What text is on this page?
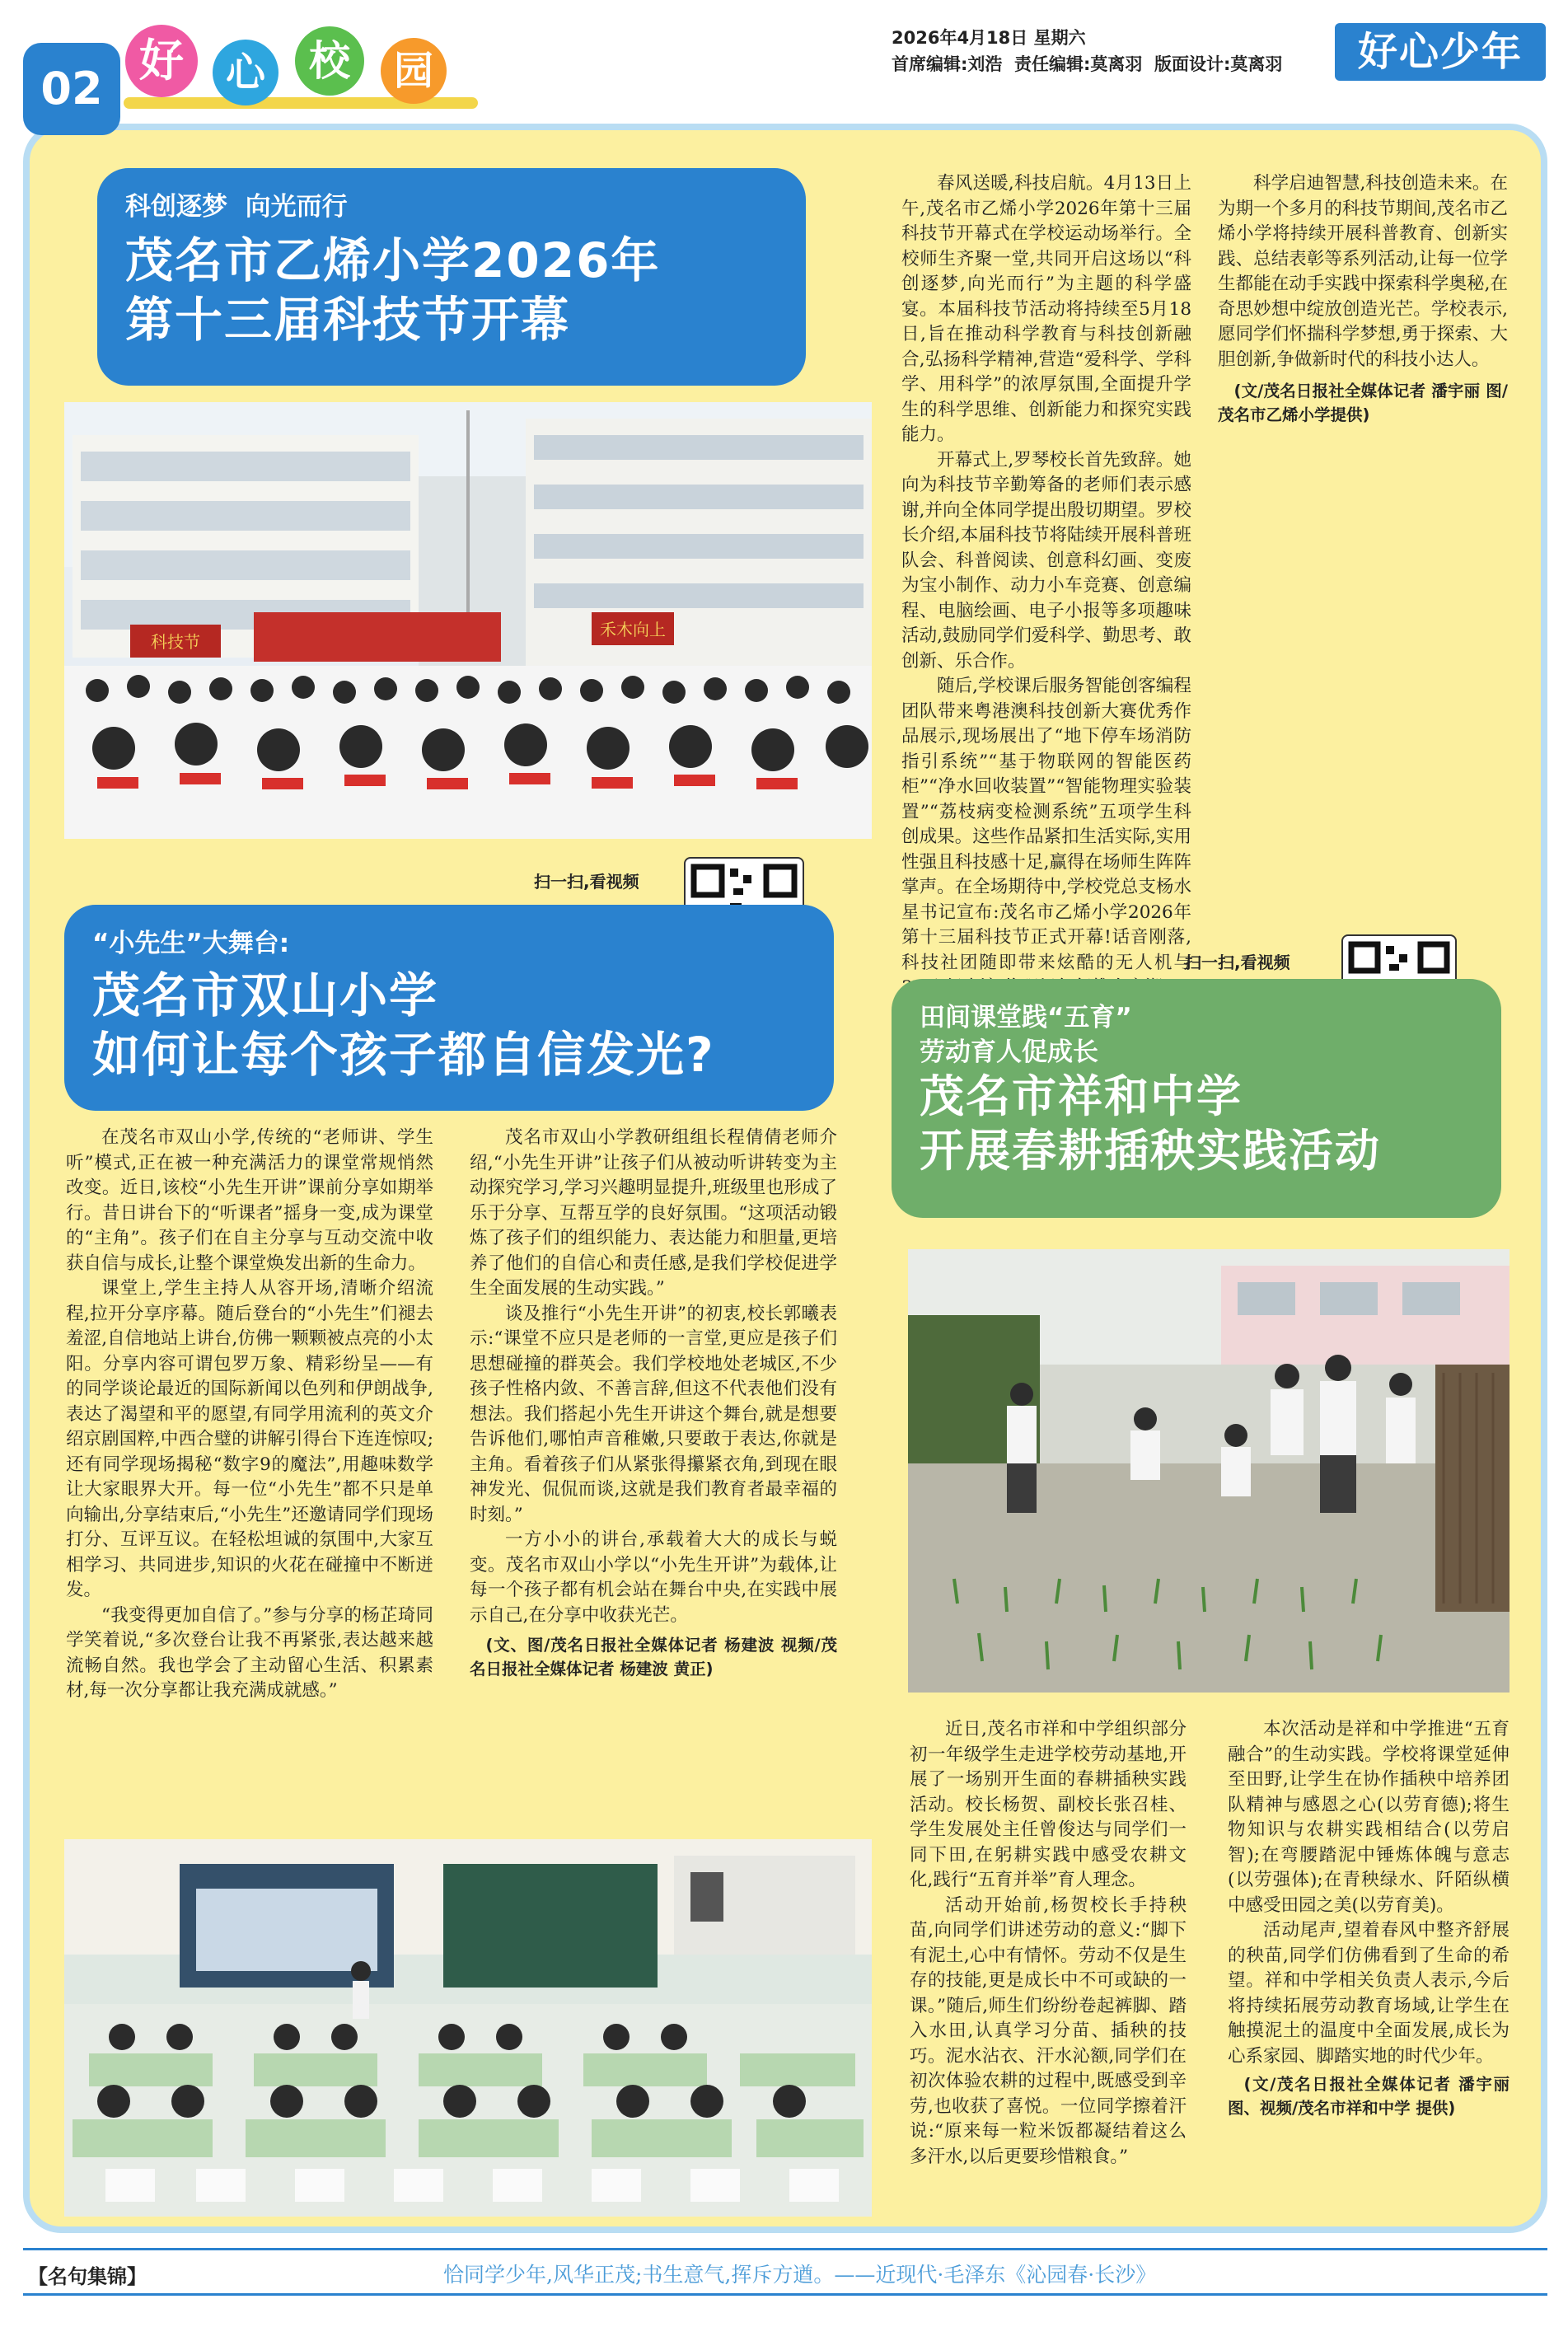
02
好	心	校	园
2026年4月18日 星期六
首席编辑:刘浩  责任编辑:莫离羽  版面设计:莫离羽	好心少年
科创逐梦  向光而行
茂名市乙烯小学2026年
第十三届科技节开幕
科技节
禾木向上

春风送暖,科技启航。4月13日上午,茂名市乙烯小学2026年第十三届科技节开幕式在学校运动场举行。全校师生齐聚一堂,共同开启这场以“科创逐梦,向光而行”为主题的科学盛宴。本届科技节活动将持续至5月18日,旨在推动科学教育与科技创新融合,弘扬科学精神,营造“爱科学、学科学、用科学”的浓厚氛围,全面提升学生的科学思维、创新能力和探究实践能力。

开幕式上,罗琴校长首先致辞。她向为科技节辛勤筹备的老师们表示感谢,并向全体同学提出殷切期望。罗校长介绍,本届科技节将陆续开展科普班队会、科普阅读、创意科幻画、变废为宝小制作、动力小车竞赛、创意编程、电脑绘画、电子小报等多项趣味活动,鼓励同学们爱科学、勤思考、敢创新、乐合作。

随后,学校课后服务智能创客编程团队带来粤港澳科技创新大赛优秀作品展示,现场展出了“地下停车场消防指引系统”“基于物联网的智能医药柜”“净水回收装置”“智能物理实验装置”“荔枝病变检测系统”五项学生科创成果。这些作品紧扣生活实际,实用性强且科技感十足,赢得在场师生阵阵掌声。在全场期待中,学校党总支杨水星书记宣布:茂名市乙烯小学2026年第十三届科技节正式开幕!话音刚落,科技社团随即带来炫酷的无人机与

科学启迪智慧,科技创造未来。在为期一个多月的科技节期间,茂名市乙烯小学将持续开展科普教育、创新实践、总结表彰等系列活动,让每一位学生都能在动手实践中探索科学奥秘,在奇思妙想中绽放创造光芒。学校表示,愿同学们怀揣科学梦想,勇于探索、大胆创新,争做新时代的科技小达人。

(文/茂名日报社全媒体记者 潘宇丽 图/茂名市乙烯小学提供)
扫一扫,看视频
“小先生”大舞台:
茂名市双山小学
如何让每个孩子都自信发光?

在茂名市双山小学,传统的“老师讲、学生听”模式,正在被一种充满活力的课堂常规悄然改变。近日,该校“小先生开讲”课前分享如期举行。昔日讲台下的“听课者”摇身一变,成为课堂的“主角”。孩子们在自主分享与互动交流中收获自信与成长,让整个课堂焕发出新的生命力。

课堂上,学生主持人从容开场,清晰介绍流程,拉开分享序幕。随后登台的“小先生”们褪去羞涩,自信地站上讲台,仿佛一颗颗被点亮的小太阳。分享内容可谓包罗万象、精彩纷呈——有的同学谈论最近的国际新闻以色列和伊朗战争,表达了渴望和平的愿望,有同学用流利的英文介绍京剧国粹,中西合璧的讲解引得台下连连惊叹;还有同学现场揭秘“数字9的魔法”,用趣味数学让大家眼界大开。每一位“小先生”都不只是单向输出,分享结束后,“小先生”还邀请同学们现场打分、互评互议。在轻松坦诚的氛围中,大家互相学习、共同进步,知识的火花在碰撞中不断迸发。

“我变得更加自信了。”参与分享的杨芷琦同学笑着说,“多次登台让我不再紧张,表达越来越流畅自然。我也学会了主动留心生活、积累素材,每一次分享都让我充满成就感。”

茂名市双山小学教研组组长程倩倩老师介绍,“小先生开讲”让孩子们从被动听讲转变为主动探究学习,学习兴趣明显提升,班级里也形成了乐于分享、互帮互学的良好氛围。“这项活动锻炼了孩子们的组织能力、表达能力和胆量,更培养了他们的自信心和责任感,是我们学校促进学生全面发展的生动实践。”

谈及推行“小先生开讲”的初衷,校长郭曦表示:“课堂不应只是老师的一言堂,更应是孩子们思想碰撞的群英会。我们学校地处老城区,不少孩子性格内敛、不善言辞,但这不代表他们没有想法。我们搭起小先生开讲这个舞台,就是想要告诉他们,哪怕声音稚嫩,只要敢于表达,你就是主角。看着孩子们从紧张得攥紧衣角,到现在眼神发光、侃侃而谈,这就是我们教育者最幸福的时刻。”

一方小小的讲台,承载着大大的成长与蜕变。茂名市双山小学以“小先生开讲”为载体,让每一个孩子都有机会站在舞台中央,在实践中展示自己,在分享中收获光芒。

(文、图/茂名日报社全媒体记者 杨建波 视频/茂名日报社全媒体记者 杨建波 黄正)
扫一扫,看视频
田间课堂践“五育”
劳动育人促成长
茂名市祥和中学
开展春耕插秧实践活动

近日,茂名市祥和中学组织部分初一年级学生走进学校劳动基地,开展了一场别开生面的春耕插秧实践活动。校长杨贺、副校长张召桂、学生发展处主任曾俊达与同学们一同下田,在躬耕实践中感受农耕文化,践行“五育并举”育人理念。

活动开始前,杨贺校长手持秧苗,向同学们讲述劳动的意义:“脚下有泥土,心中有情怀。劳动不仅是生存的技能,更是成长中不可或缺的一课。”随后,师生们纷纷卷起裤脚、踏入水田,认真学习分苗、插秧的技巧。泥水沾衣、汗水沁额,同学们在初次体验农耕的过程中,既感受到辛劳,也收获了喜悦。一位同学擦着汗说:“原来每一粒米饭都凝结着这么多汗水,以后更要珍惜粮食。”

本次活动是祥和中学推进“五育融合”的生动实践。学校将课堂延伸至田野,让学生在协作插秧中培养团队精神与感恩之心(以劳育德);将生物知识与农耕实践相结合(以劳启智);在弯腰踏泥中锤炼体魄与意志(以劳强体);在青秧绿水、阡陌纵横中感受田园之美(以劳育美)。

活动尾声,望着春风中整齐舒展的秧苗,同学们仿佛看到了生命的希望。祥和中学相关负责人表示,今后将持续拓展劳动教育场域,让学生在触摸泥土的温度中全面发展,成长为心系家园、脚踏实地的时代少年。

(文/茂名日报社全媒体记者 潘宇丽 图、视频/茂名市祥和中学 提供)
【名句集锦】	恰同学少年,风华正茂;书生意气,挥斥方遒。——近现代·毛泽东《沁园春·长沙》
